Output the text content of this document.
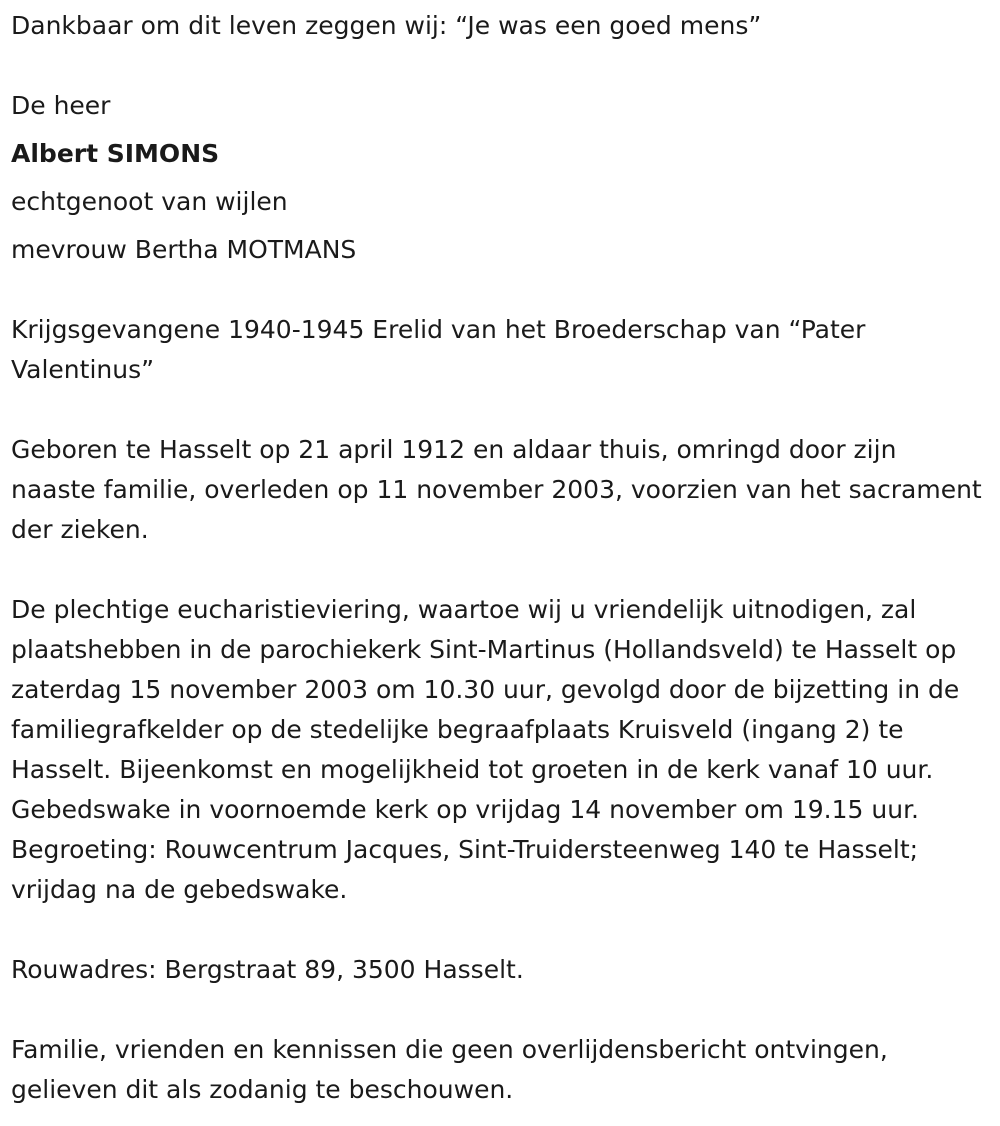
Dankbaar om dit leven zeggen wij: “Je was een goed mens”

De heer

Albert SIMONS

echtgenoot van wijlen

mevrouw Bertha MOTMANS

Krijgsgevangene 1940-1945 Erelid van het Broederschap van “Pater Valentinus”

Geboren te Hasselt op 21 april 1912 en aldaar thuis, omringd door zijn naaste familie, overleden op 11 november 2003, voorzien van het sacrament der zieken.

De plechtige eucharistieviering, waartoe wij u vriendelijk uitnodigen, zal plaatshebben in de parochiekerk Sint-Martinus (Hollandsveld) te Hasselt op zaterdag 15 november 2003 om 10.30 uur, gevolgd door de bijzetting in de familiegrafkelder op de stedelijke begraafplaats Kruisveld (ingang 2) te Hasselt. Bijeenkomst en mogelijkheid tot groeten in de kerk vanaf 10 uur. Gebedswake in voornoemde kerk op vrijdag 14 november om 19.15 uur. Begroeting: Rouwcentrum Jacques, Sint-Truidersteenweg 140 te Hasselt; vrijdag na de gebedswake.

Rouwadres: Bergstraat 89, 3500 Hasselt.

Familie, vrienden en kennissen die geen overlijdensbericht ontvingen, gelieven dit als zodanig te beschouwen.
